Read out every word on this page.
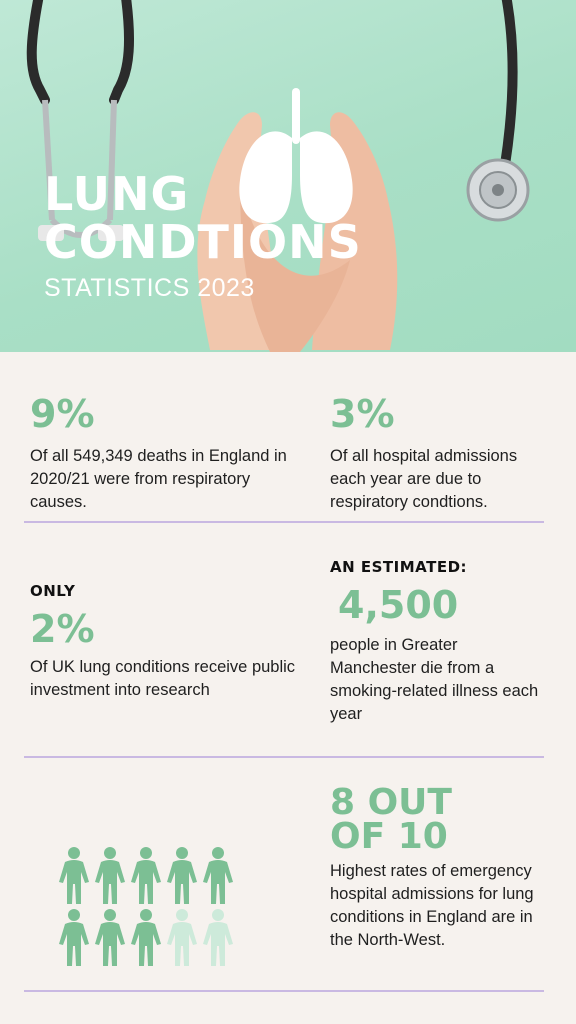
LUNG
CONDTIONS
STATISTICS 2023
9%
Of all 549,349 deaths in England in 2020/21 were from respiratory causes.
3%
Of all hospital admissions each year are due to respiratory condtions.
ONLY
2%
Of UK lung conditions receive public investment into research
AN ESTIMATED:
4,500
people in Greater Manchester die from a smoking-related illness each year
8 OUT
OF 10
Highest rates of emergency hospital admissions for lung conditions in England are in the North-West.
